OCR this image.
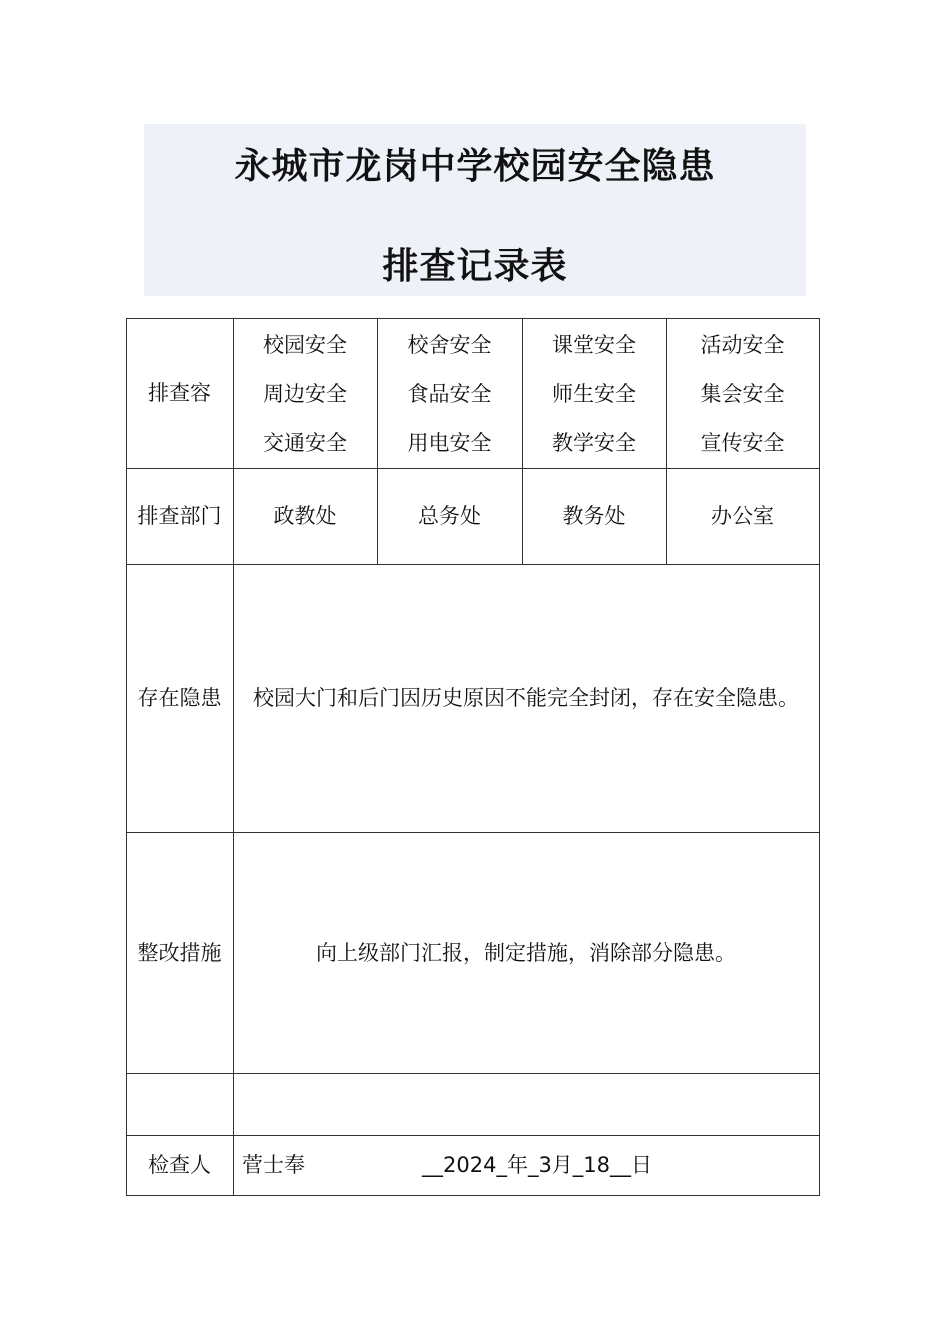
永城市龙岗中学校园安全隐患
排查记录表
排查容
校园安全	校舍安全	课堂安全	活动安全
周边安全	食品安全	师生安全	集会安全
交通安全	用电安全	教学安全	宣传安全
排查部门	政教处	总务处	教务处	办公室
存在隐患	校园大门和后门因历史原因不能完全封闭，存在安全隐患。
整改措施	向上级部门汇报，制定措施，消除部分隐患。
检查人	菅士奉	__2024_年_3月_18__日
